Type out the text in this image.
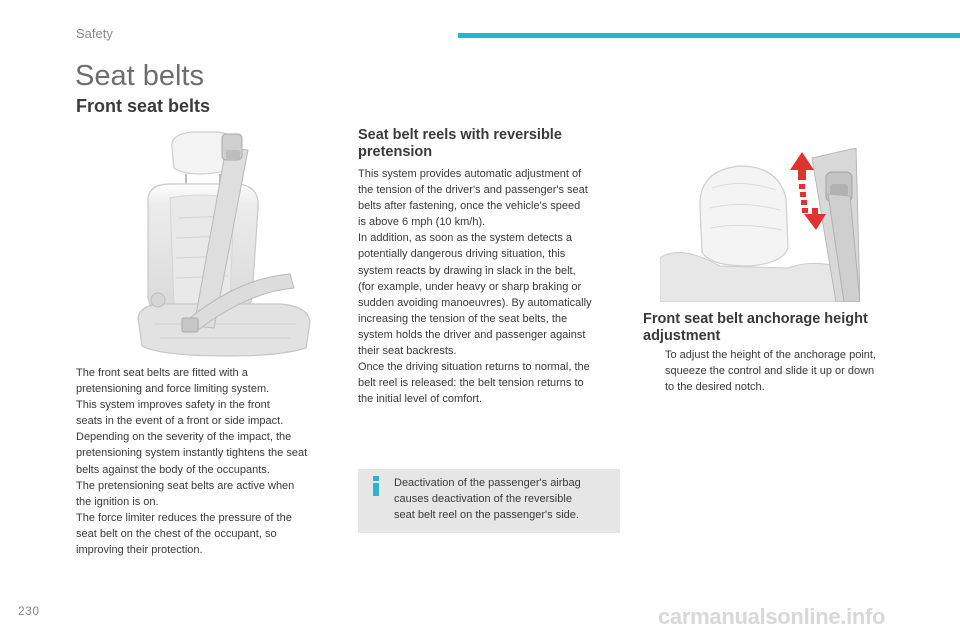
Safety
Seat belts
Front seat belts
The front seat belts are fitted with a
pretensioning and force limiting system.
This system improves safety in the front
seats in the event of a front or side impact.
Depending on the severity of the impact, the
pretensioning system instantly tightens the seat
belts against the body of the occupants.
The pretensioning seat belts are active when
the ignition is on.
The force limiter reduces the pressure of the
seat belt on the chest of the occupant, so
improving their protection.
Seat belt reels with reversible
pretension
This system provides automatic adjustment of
the tension of the driver's and passenger's seat
belts after fastening, once the vehicle's speed
is above 6 mph (10 km/h).
In addition, as soon as the system detects a
potentially dangerous driving situation, this
system reacts by drawing in slack in the belt,
(for example, under heavy or sharp braking or
sudden avoiding manoeuvres). By automatically
increasing the tension of the seat belts, the
system holds the driver and passenger against
their seat backrests.
Once the driving situation returns to normal, the
belt reel is released: the belt tension returns to
the initial level of comfort.
Deactivation of the passenger's airbag
causes deactivation of the reversible
seat belt reel on the passenger's side.
Front seat belt anchorage height
adjustment
To adjust the height of the anchorage point,
squeeze the control and slide it up or down
to the desired notch.
230	carmanualsonline.info
